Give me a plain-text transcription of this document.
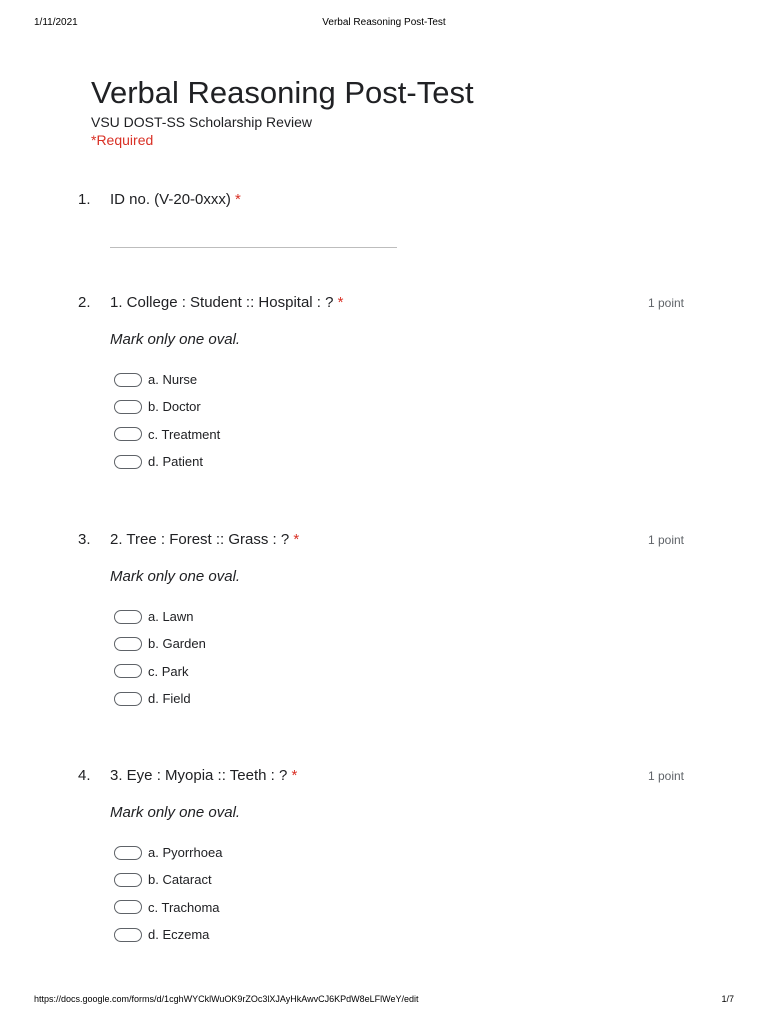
1/11/2021	Verbal Reasoning Post-Test
Verbal Reasoning Post-Test
VSU DOST-SS Scholarship Review
*Required
1. ID no. (V-20-0xxx) *
2. 1. College : Student :: Hospital : ? *	1 point
Mark only one oval.
a. Nurse
b. Doctor
c. Treatment
d. Patient
3. 2. Tree : Forest :: Grass : ? *	1 point
Mark only one oval.
a. Lawn
b. Garden
c. Park
d. Field
4. 3. Eye : Myopia :: Teeth : ? *	1 point
Mark only one oval.
a. Pyorrhoea
b. Cataract
c. Trachoma
d. Eczema
https://docs.google.com/forms/d/1cghWYCklWuOK9rZOc3lXJAyHkAwvCJ6KPdW8eLFlWeY/edit	1/7
